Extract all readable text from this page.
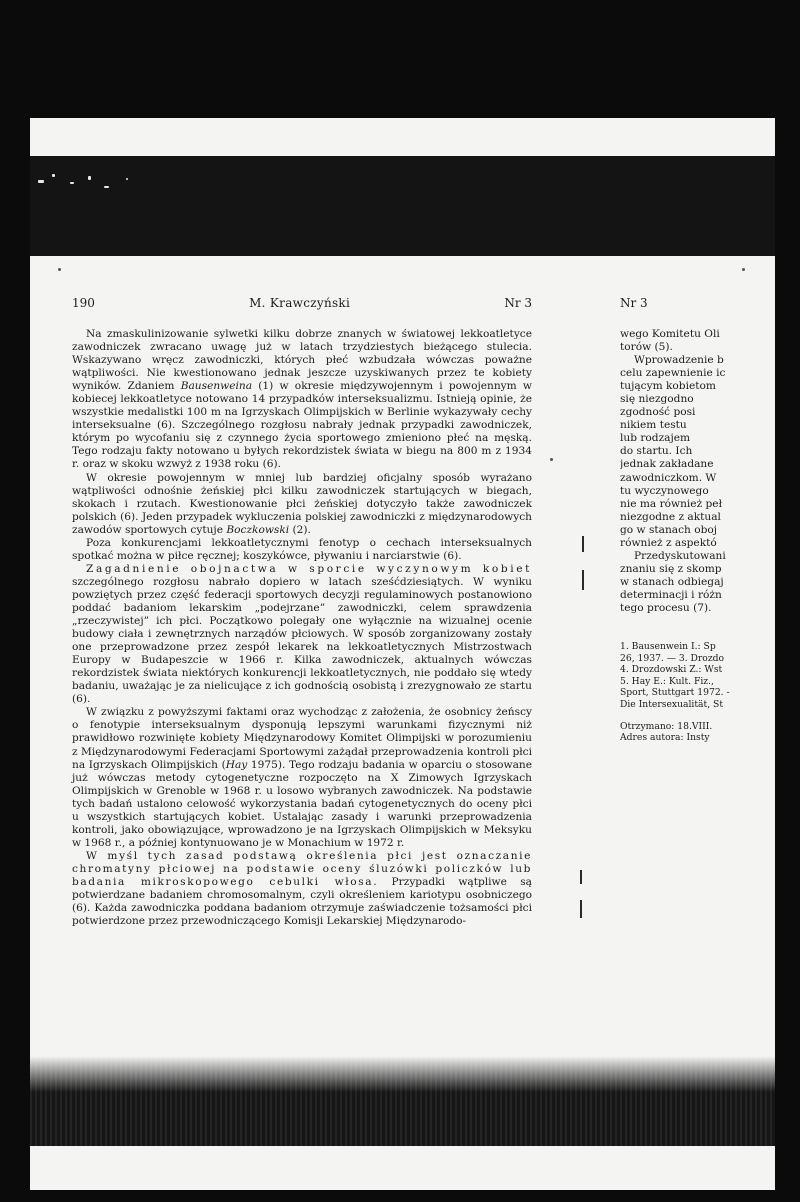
190	M. Krawczyński	Nr 3

Na zmaskulinizowanie sylwetki kilku dobrze znanych w światowej lekkoatletyce zawodniczek zwracano uwagę już w latach trzydziestych bieżącego stulecia. Wskazywano wręcz zawodniczki, których płeć wzbudzała wówczas poważne wątpliwości. Nie kwestionowano jednak jeszcze uzyskiwanych przez te kobiety wyników. Zdaniem Bausenweina (1) w okresie międzywojennym i powojennym w kobiecej lekkoatletyce notowano 14 przypadków interseksualizmu. Istnieją opinie, że wszystkie medalistki 100 m na Igrzyskach Olimpijskich w Berlinie wykazywały cechy interseksualne (6). Szczególnego rozgłosu nabrały jednak przypadki zawodniczek, którym po wycofaniu się z czynnego życia sportowego zmieniono płeć na męską. Tego rodzaju fakty notowano u byłych rekordzistek świata w biegu na 800 m z 1934 r. oraz w skoku wzwyż z 1938 roku (6).

W okresie powojennym w mniej lub bardziej oficjalny sposób wyrażano wątpliwości odnośnie żeńskiej płci kilku zawodniczek startujących w biegach, skokach i rzutach. Kwestionowanie płci żeńskiej dotyczyło także zawodniczek polskich (6). Jeden przypadek wykluczenia polskiej zawodniczki z międzynarodowych zawodów sportowych cytuje Boczkowski (2).

Poza konkurencjami lekkoatletycznymi fenotyp o cechach interseksualnych spotkać można w piłce ręcznej; koszykówce, pływaniu i narciarstwie (6).

Zagadnienie obojnactwa w sporcie wyczynowym kobiet szczególnego rozgłosu nabrało dopiero w latach sześćdziesiątych. W wyniku powziętych przez część federacji sportowych decyzji regulaminowych postanowiono poddać badaniom lekarskim „podejrzane” zawodniczki, celem sprawdzenia „rzeczywistej” ich płci. Początkowo polegały one wyłącznie na wizualnej ocenie budowy ciała i zewnętrznych narządów płciowych. W sposób zorganizowany zostały one przeprowadzone przez zespół lekarek na lekkoatletycznych Mistrzostwach Europy w Budapeszcie w 1966 r. Kilka zawodniczek, aktualnych wówczas rekordzistek świata niektórych konkurencji lekkoatletycznych, nie poddało się wtedy badaniu, uważając je za nielicujące z ich godnością osobistą i zrezygnowało ze startu (6).

W związku z powyższymi faktami oraz wychodząc z założenia, że osobnicy żeńscy o fenotypie interseksualnym dysponują lepszymi warunkami fizycznymi niż prawidłowo rozwinięte kobiety Międzynarodowy Komitet Olimpijski w porozumieniu z Międzynarodowymi Federacjami Sportowymi zażądał przeprowadzenia kontroli płci na Igrzyskach Olimpijskich (Hay 1975). Tego rodzaju badania w oparciu o stosowane już wówczas metody cytogenetyczne rozpoczęto na X Zimowych Igrzyskach Olimpijskich w Grenoble w 1968 r. u losowo wybranych zawodniczek. Na podstawie tych badań ustalono celowość wykorzystania badań cytogenetycznych do oceny płci u wszystkich startujących kobiet. Ustalając zasady i warunki przeprowadzenia kontroli, jako obowiązujące, wprowadzono je na Igrzyskach Olimpijskich w Meksyku w 1968 r., a później kontynuowano je w Monachium w 1972 r.

W myśl tych zasad podstawą określenia płci jest oznaczanie chromatyny płciowej na podstawie oceny śluzówki policzków lub badania mikroskopowego cebulki włosa. Przypadki wątpliwe są potwierdzane badaniem chromosomalnym, czyli określeniem kariotypu osobniczego (6). Każda zawodniczka poddana badaniom otrzymuje zaświadczenie tożsamości płci potwierdzone przez przewodniczącego Komisji Lekarskiej Międzynarodo-

Nr 3
wego Komitetu Oli
torów (5).
Wprowadzenie b
celu zapewnienie ic
tującym kobietom
się niezgodno
zgodność posi
nikiem testu
lub rodzajem
do startu. Ich
jednak zakładane
zawodniczkom. W
tu wyczynowego
nie ma również peł
niezgodne z aktual
go w stanach oboj
również z aspektó
Przedyskutowani
znaniu się z skomp
w stanach odbiegaj
determinacji i różn
tego procesu (7).
1. Bausenwein I.: Sp
26, 1937. — 3. Drozdo
4. Drozdowski Z.: Wst
5. Hay E.: Kult. Fiz.,
Sport, Stuttgart 1972. -
Die Intersexualität, St
Otrzymano: 18.VIII.
Adres autora: Insty
